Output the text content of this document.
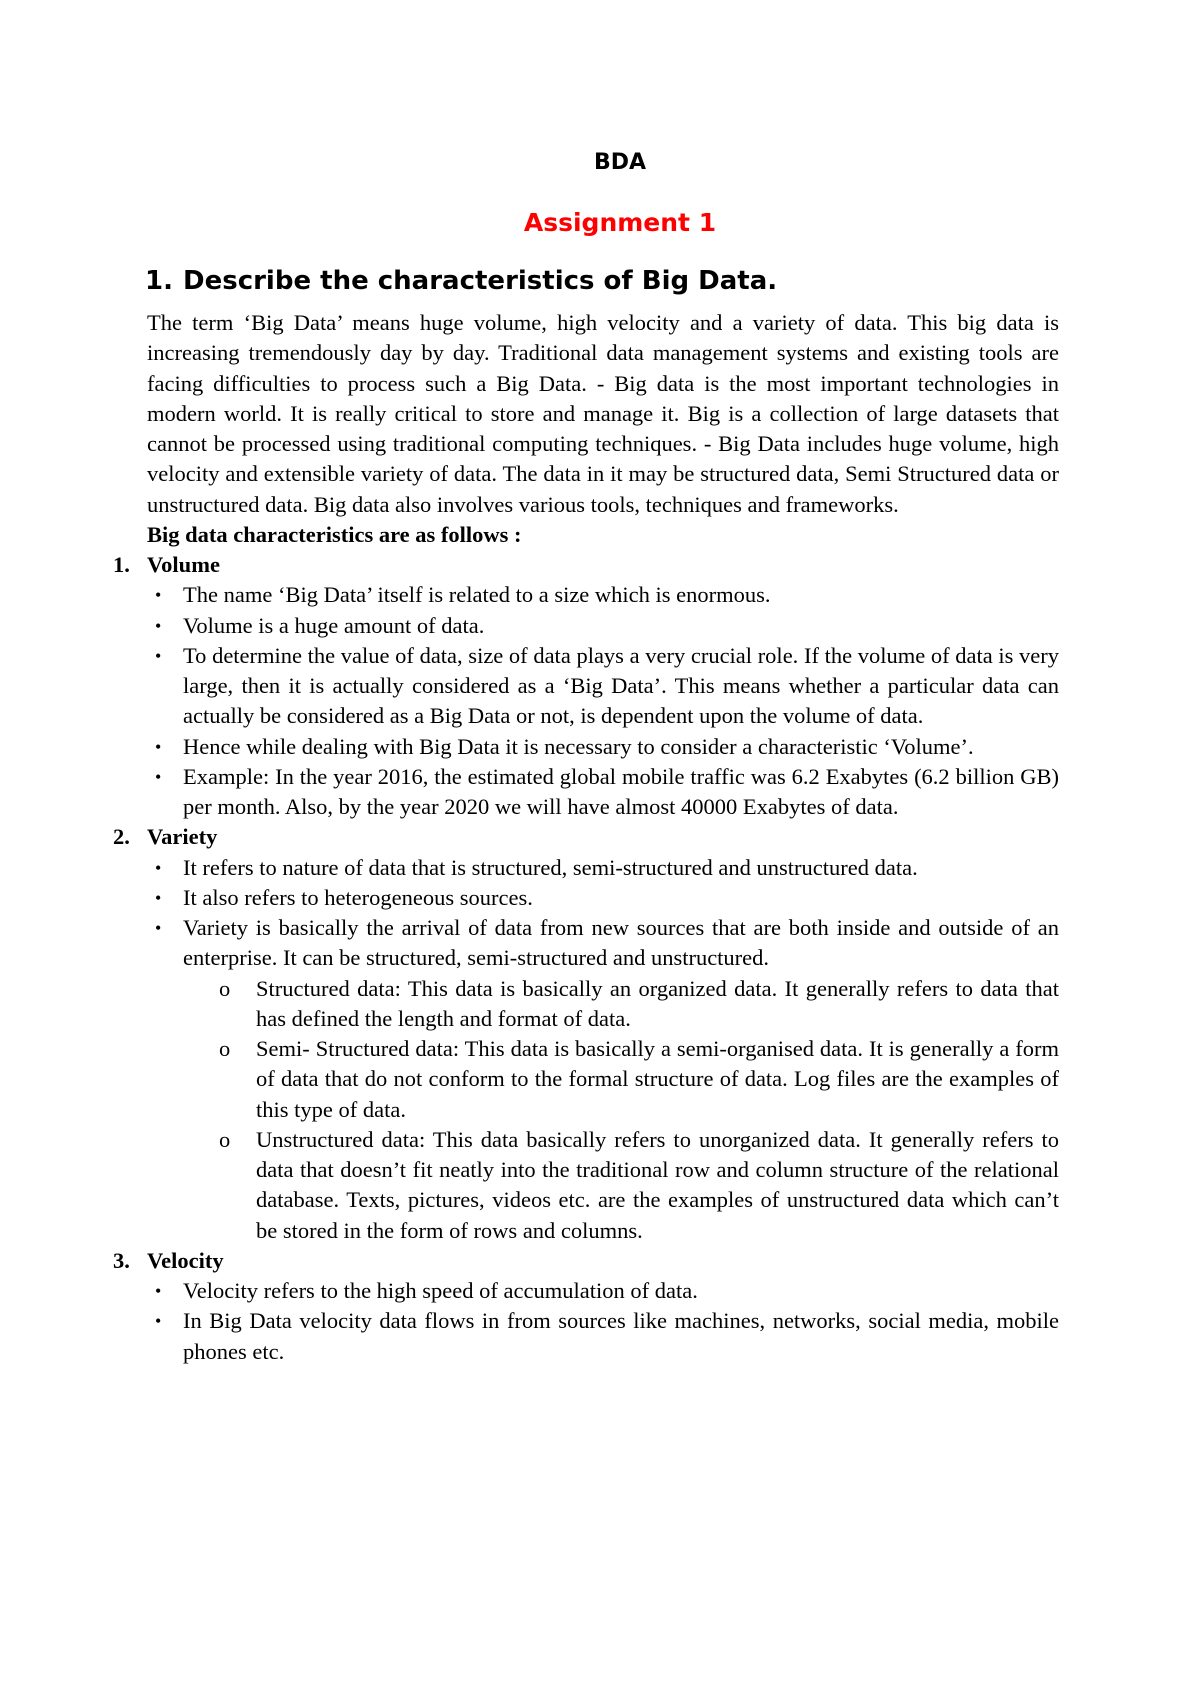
BDA
Assignment 1
1. Describe the characteristics of Big Data.

The term ‘Big Data’ means huge volume, high velocity and a variety of data. This big data is increasing tremendously day by day. Traditional data management systems and existing tools are facing difficulties to process such a Big Data. - Big data is the most important technologies in modern world. It is really critical to store and manage it. Big is a collection of large datasets that cannot be processed using traditional computing techniques. - Big Data includes huge volume, high velocity and extensible variety of data. The data in it may be structured data, Semi Structured data or unstructured data. Big data also involves various tools, techniques and frameworks.

Big data characteristics are as follows :
1. Volume
• The name ‘Big Data’ itself is related to a size which is enormous.
• Volume is a huge amount of data.
• To determine the value of data, size of data plays a very crucial role. If the volume of data is very large, then it is actually considered as a ‘Big Data’. This means whether a particular data can actually be considered as a Big Data or not, is dependent upon the volume of data.
• Hence while dealing with Big Data it is necessary to consider a characteristic ‘Volume’.
• Example: In the year 2016, the estimated global mobile traffic was 6.2 Exabytes (6.2 billion GB) per month. Also, by the year 2020 we will have almost 40000 Exabytes of data.
2. Variety
• It refers to nature of data that is structured, semi-structured and unstructured data.
• It also refers to heterogeneous sources.
• Variety is basically the arrival of data from new sources that are both inside and outside of an enterprise. It can be structured, semi-structured and unstructured.
o Structured data: This data is basically an organized data. It generally refers to data that has defined the length and format of data.
o Semi- Structured data: This data is basically a semi-organised data. It is generally a form of data that do not conform to the formal structure of data. Log files are the examples of this type of data.
o Unstructured data: This data basically refers to unorganized data. It generally refers to data that doesn’t fit neatly into the traditional row and column structure of the relational database. Texts, pictures, videos etc. are the examples of unstructured data which can’t be stored in the form of rows and columns.
3. Velocity
• Velocity refers to the high speed of accumulation of data.
• In Big Data velocity data flows in from sources like machines, networks, social media, mobile phones etc.
